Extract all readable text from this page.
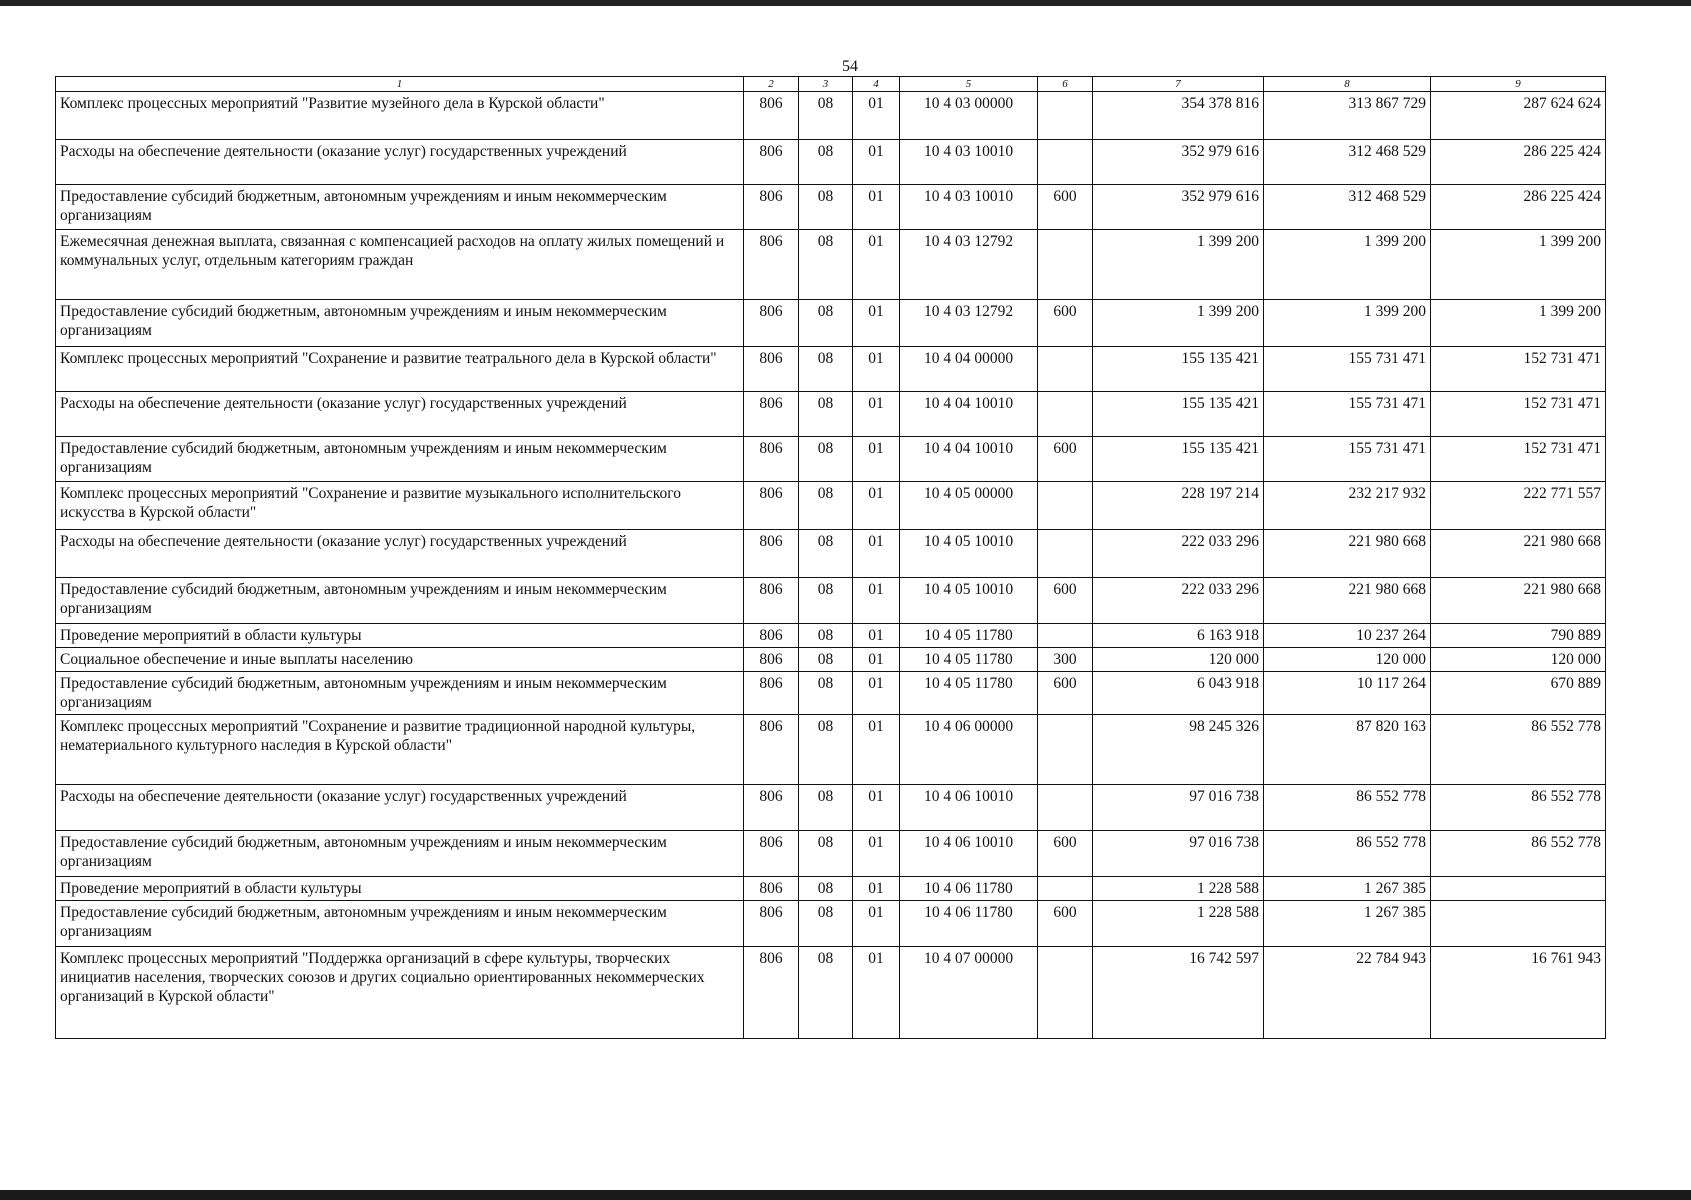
54
1	2	3	4	5	6	7	8	9
Комплекс процессных мероприятий "Развитие музейного дела в Курской области"	806	08	01	10 4 03 00000		354 378 816	313 867 729	287 624 624
Расходы на обеспечение деятельности (оказание услуг) государственных учреждений	806	08	01	10 4 03 10010		352 979 616	312 468 529	286 225 424
Предоставление субсидий бюджетным, автономным учреждениям и иным некоммерческим организациям	806	08	01	10 4 03 10010	600	352 979 616	312 468 529	286 225 424
Ежемесячная денежная выплата, связанная с компенсацией расходов на оплату жилых помещений и коммунальных услуг, отдельным категориям граждан	806	08	01	10 4 03 12792		1 399 200	1 399 200	1 399 200
Предоставление субсидий бюджетным, автономным учреждениям и иным некоммерческим организациям	806	08	01	10 4 03 12792	600	1 399 200	1 399 200	1 399 200
Комплекс процессных мероприятий "Сохранение и развитие театрального дела в Курской области"	806	08	01	10 4 04 00000		155 135 421	155 731 471	152 731 471
Расходы на обеспечение деятельности (оказание услуг) государственных учреждений	806	08	01	10 4 04 10010		155 135 421	155 731 471	152 731 471
Предоставление субсидий бюджетным, автономным учреждениям и иным некоммерческим организациям	806	08	01	10 4 04 10010	600	155 135 421	155 731 471	152 731 471
Комплекс процессных мероприятий "Сохранение и развитие музыкального исполнительского искусства в Курской области"	806	08	01	10 4 05 00000		228 197 214	232 217 932	222 771 557
Расходы на обеспечение деятельности (оказание услуг) государственных учреждений	806	08	01	10 4 05 10010		222 033 296	221 980 668	221 980 668
Предоставление субсидий бюджетным, автономным учреждениям и иным некоммерческим организациям	806	08	01	10 4 05 10010	600	222 033 296	221 980 668	221 980 668
Проведение мероприятий в области культуры	806	08	01	10 4 05 11780		6 163 918	10 237 264	790 889
Социальное обеспечение и иные выплаты населению	806	08	01	10 4 05 11780	300	120 000	120 000	120 000
Предоставление субсидий бюджетным, автономным учреждениям и иным некоммерческим организациям	806	08	01	10 4 05 11780	600	6 043 918	10 117 264	670 889
Комплекс процессных мероприятий "Сохранение и развитие традиционной народной культуры, нематериального культурного наследия в Курской области"	806	08	01	10 4 06 00000		98 245 326	87 820 163	86 552 778
Расходы на обеспечение деятельности (оказание услуг) государственных учреждений	806	08	01	10 4 06 10010		97 016 738	86 552 778	86 552 778
Предоставление субсидий бюджетным, автономным учреждениям и иным некоммерческим организациям	806	08	01	10 4 06 10010	600	97 016 738	86 552 778	86 552 778
Проведение мероприятий в области культуры	806	08	01	10 4 06 11780		1 228 588	1 267 385	
Предоставление субсидий бюджетным, автономным учреждениям и иным некоммерческим организациям	806	08	01	10 4 06 11780	600	1 228 588	1 267 385	
Комплекс процессных мероприятий "Поддержка организаций в сфере культуры, творческих инициатив населения, творческих союзов и других социально ориентированных некоммерческих организаций в Курской области"	806	08	01	10 4 07 00000		16 742 597	22 784 943	16 761 943
